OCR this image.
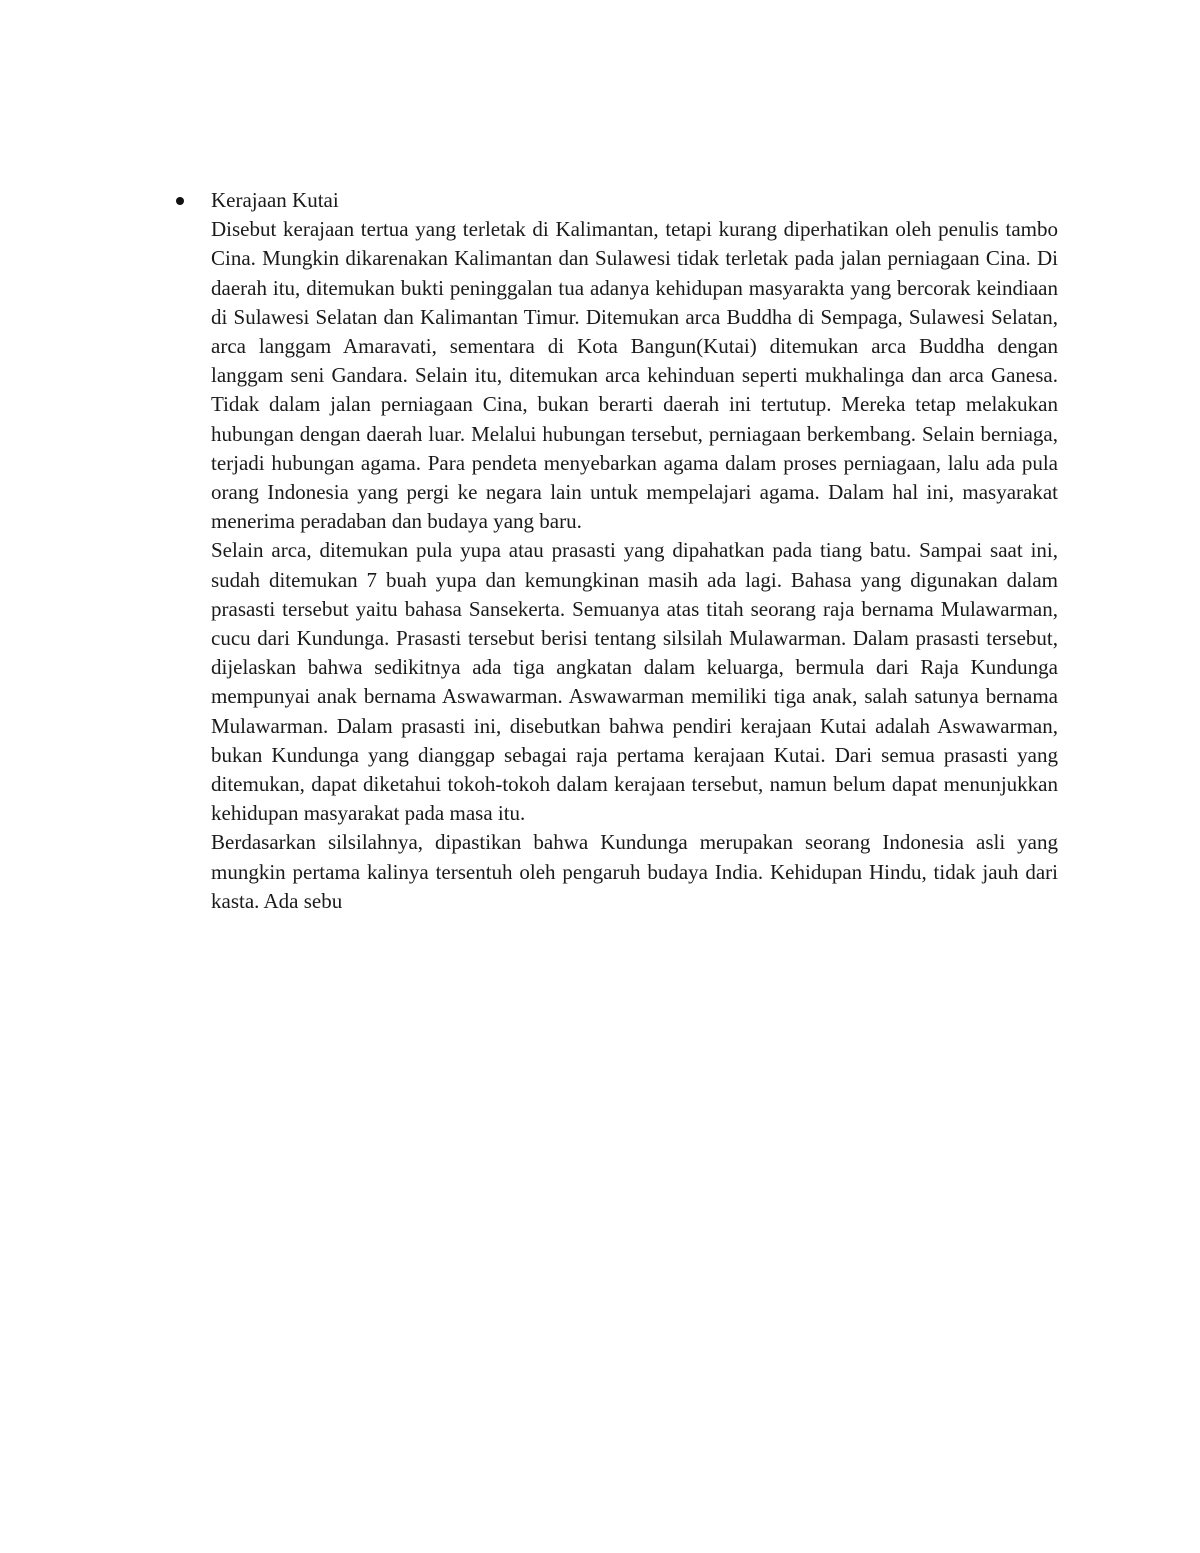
Kerajaan Kutai

Disebut kerajaan tertua yang terletak di Kalimantan, tetapi kurang diperhatikan oleh penulis tambo Cina. Mungkin dikarenakan Kalimantan dan Sulawesi tidak terletak pada jalan perniagaan Cina. Di daerah itu, ditemukan bukti peninggalan tua adanya kehidupan masyarakta yang bercorak keindiaan di Sulawesi Selatan dan Kalimantan Timur. Ditemukan arca Buddha di Sempaga, Sulawesi Selatan, arca langgam Amaravati, sementara di Kota Bangun(Kutai) ditemukan arca Buddha dengan langgam seni Gandara. Selain itu, ditemukan arca kehinduan seperti mukhalinga dan arca Ganesa. Tidak dalam jalan perniagaan Cina, bukan berarti daerah ini tertutup. Mereka tetap melakukan hubungan dengan daerah luar. Melalui hubungan tersebut, perniagaan berkembang. Selain berniaga, terjadi hubungan agama. Para pendeta menyebarkan agama dalam proses perniagaan, lalu ada pula orang Indonesia yang pergi ke negara lain untuk mempelajari agama. Dalam hal ini, masyarakat menerima peradaban dan budaya yang baru.

Selain arca, ditemukan pula yupa atau prasasti yang dipahatkan pada tiang batu. Sampai saat ini, sudah ditemukan 7 buah yupa dan kemungkinan masih ada lagi. Bahasa yang digunakan dalam prasasti tersebut yaitu bahasa Sansekerta. Semuanya atas titah seorang raja bernama Mulawarman, cucu dari Kundunga. Prasasti tersebut berisi tentang silsilah Mulawarman. Dalam prasasti tersebut, dijelaskan bahwa sedikitnya ada tiga angkatan dalam keluarga, bermula dari Raja Kundunga mempunyai anak bernama Aswawarman. Aswawarman memiliki tiga anak, salah satunya bernama Mulawarman. Dalam prasasti ini, disebutkan bahwa pendiri kerajaan Kutai adalah Aswawarman, bukan Kundunga yang dianggap sebagai raja pertama kerajaan Kutai. Dari semua prasasti yang ditemukan, dapat diketahui tokoh-tokoh dalam kerajaan tersebut, namun belum dapat menunjukkan kehidupan masyarakat pada masa itu.

Berdasarkan silsilahnya, dipastikan bahwa Kundunga merupakan seorang Indonesia asli yang mungkin pertama kalinya tersentuh oleh pengaruh budaya India. Kehidupan Hindu, tidak jauh dari kasta. Ada sebu
